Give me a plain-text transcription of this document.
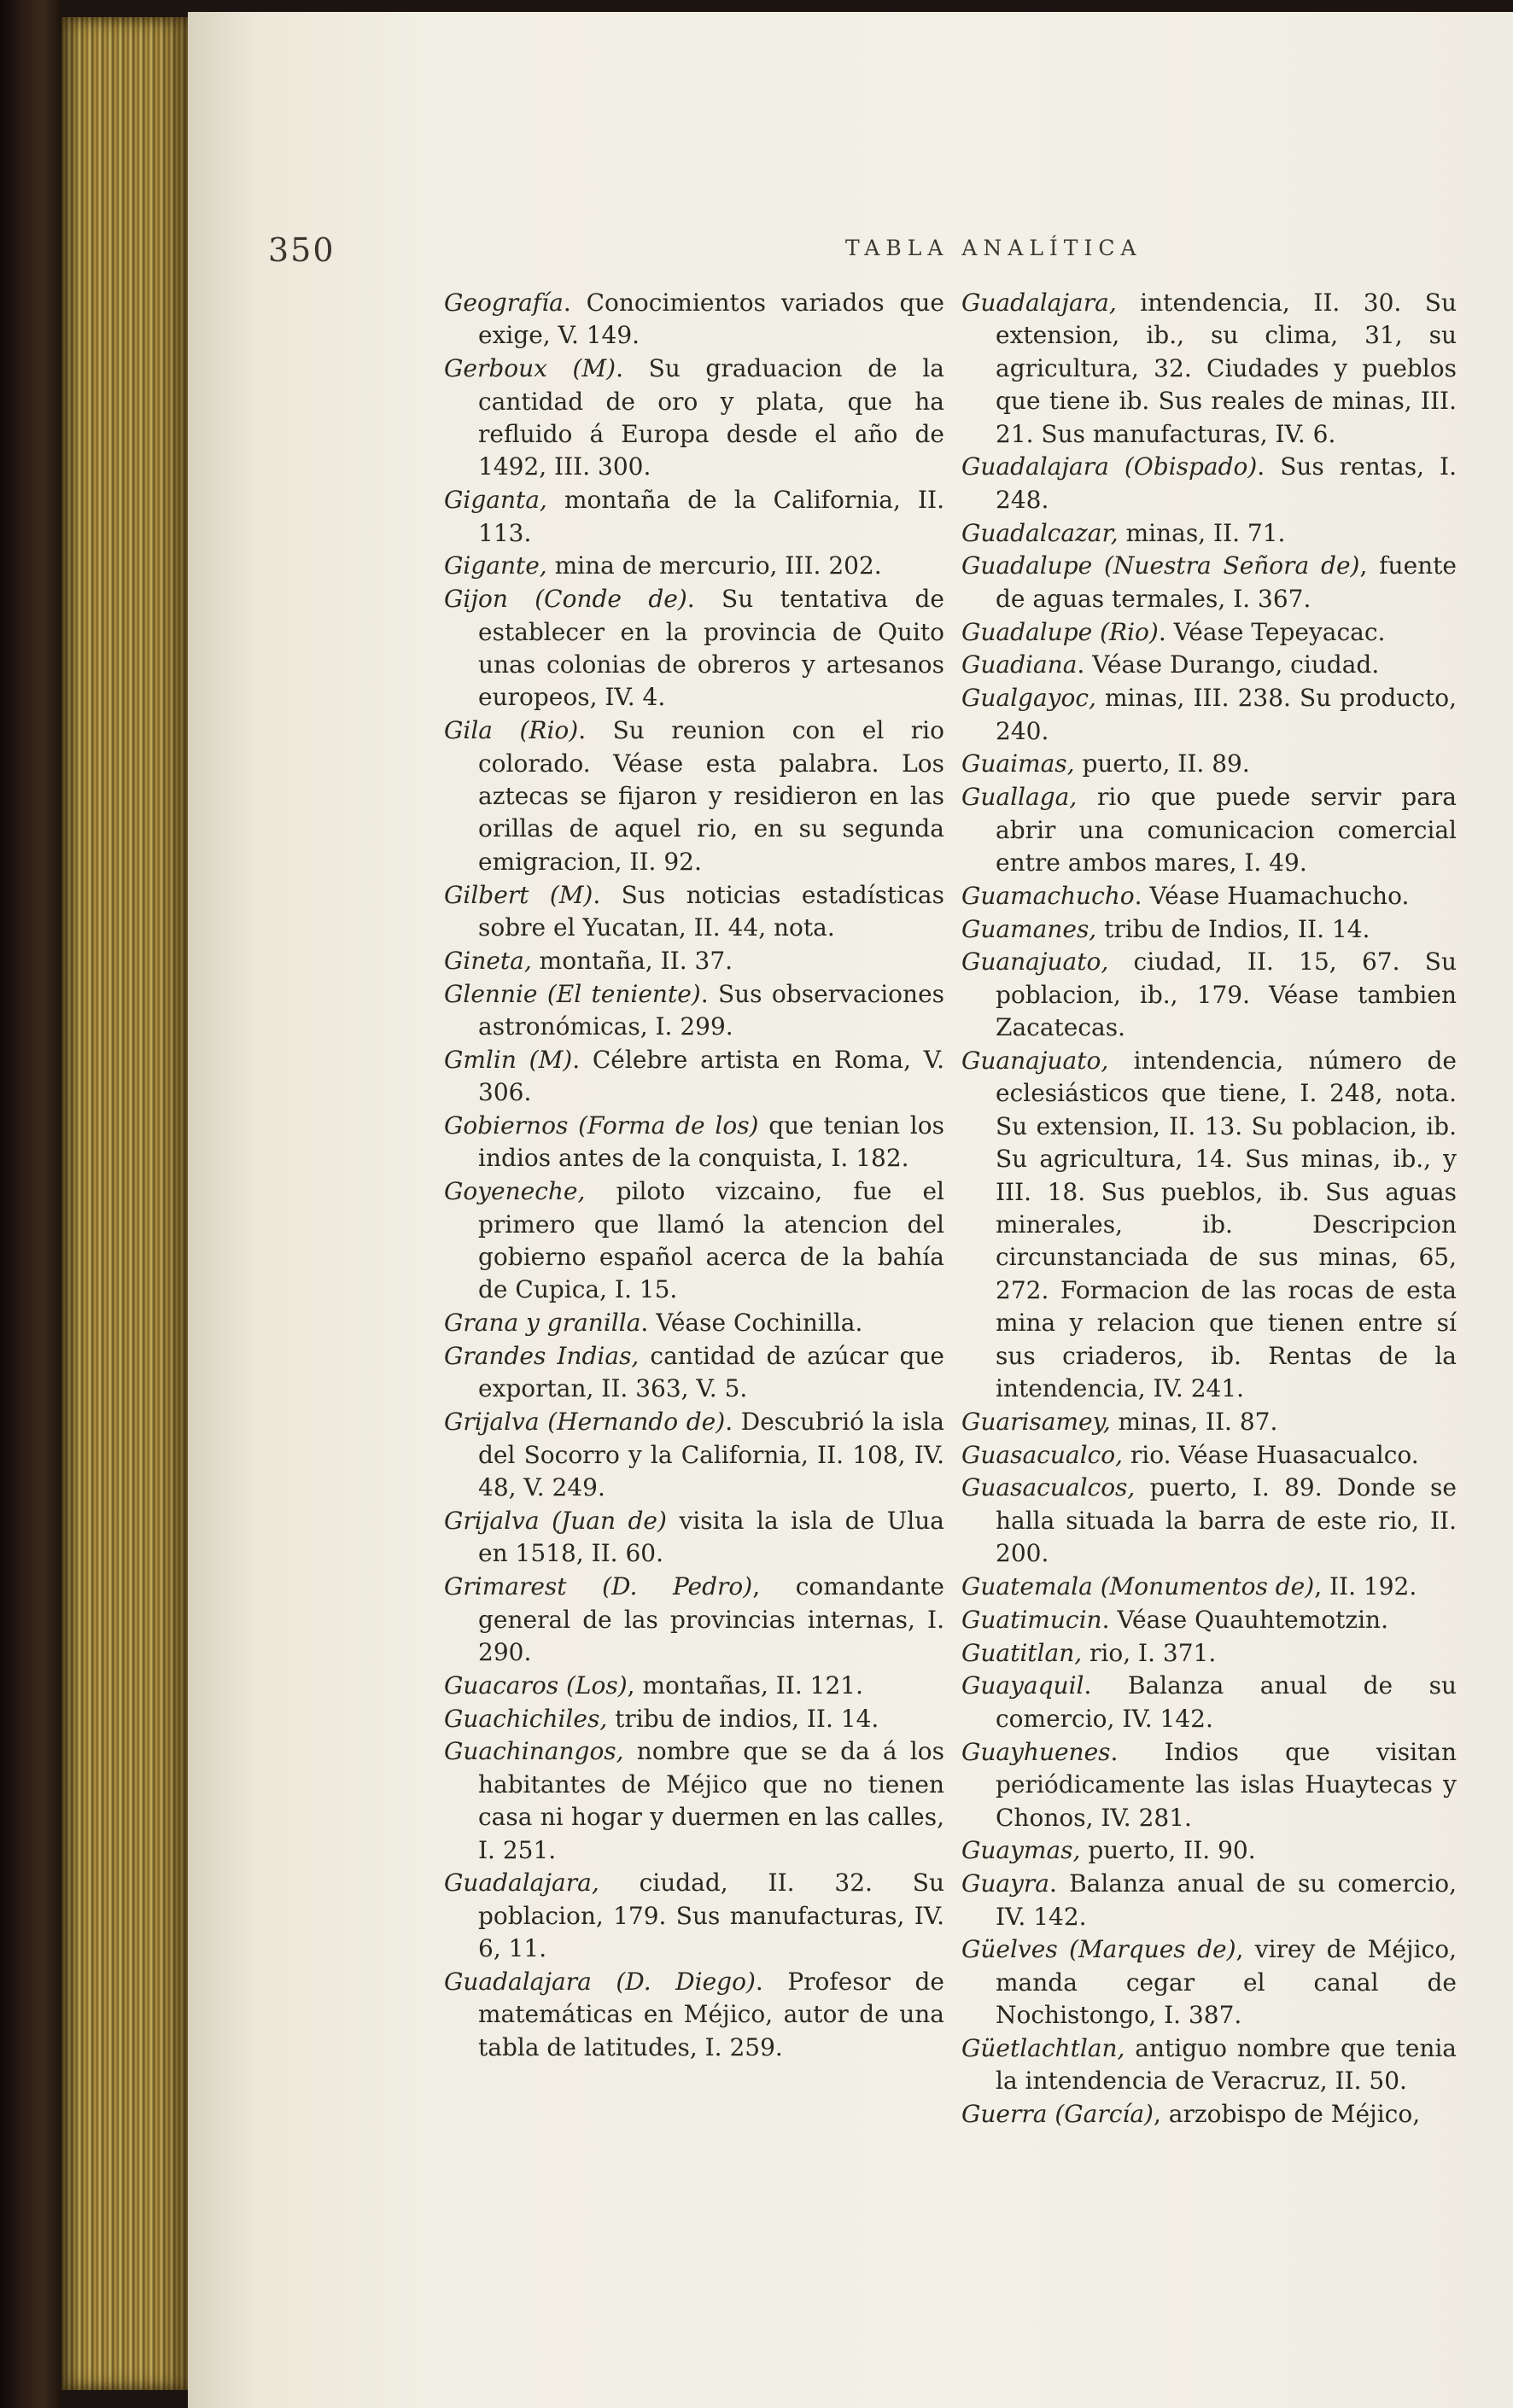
350	TABLA ANALÍTICA

Geografía. Conocimientos variados que exige, V. 149.

Gerboux (M). Su graduacion de la cantidad de oro y plata, que ha refluido á Europa desde el año de 1492, III. 300.

Giganta, montaña de la California, II. 113.

Gigante, mina de mercurio, III. 202.

Gijon (Conde de). Su tentativa de establecer en la provincia de Quito unas colonias de obreros y artesanos europeos, IV. 4.

Gila (Rio). Su reunion con el rio colorado. Véase esta palabra. Los aztecas se fijaron y residieron en las orillas de aquel rio, en su segunda emigracion, II. 92.

Gilbert (M). Sus noticias estadísticas sobre el Yucatan, II. 44, nota.

Gineta, montaña, II. 37.

Glennie (El teniente). Sus observaciones astronómicas, I. 299.

Gmlin (M). Célebre artista en Roma, V. 306.

Gobiernos (Forma de los) que tenian los indios antes de la conquista, I. 182.

Goyeneche, piloto vizcaino, fue el primero que llamó la atencion del gobierno español acerca de la bahía de Cupica, I. 15.

Grana y granilla. Véase Cochinilla.

Grandes Indias, cantidad de azúcar que exportan, II. 363, V. 5.

Grijalva (Hernando de). Descubrió la isla del Socorro y la California, II. 108, IV. 48, V. 249.

Grijalva (Juan de) visita la isla de Ulua en 1518, II. 60.

Grimarest (D. Pedro), comandante general de las provincias internas, I. 290.

Guacaros (Los), montañas, II. 121.

Guachichiles, tribu de indios, II. 14.

Guachinangos, nombre que se da á los habitantes de Méjico que no tienen casa ni hogar y duermen en las calles, I. 251.

Guadalajara, ciudad, II. 32. Su poblacion, 179. Sus manufacturas, IV. 6, 11.

Guadalajara (D. Diego). Profesor de matemáticas en Méjico, autor de una tabla de latitudes, I. 259.

Guadalajara, intendencia, II. 30. Su extension, ib., su clima, 31, su agricultura, 32. Ciudades y pueblos que tiene ib. Sus reales de minas, III. 21. Sus manufacturas, IV. 6.

Guadalajara (Obispado). Sus rentas, I. 248.

Guadalcazar, minas, II. 71.

Guadalupe (Nuestra Señora de), fuente de aguas termales, I. 367.

Guadalupe (Rio). Véase Tepeyacac.

Guadiana. Véase Durango, ciudad.

Gualgayoc, minas, III. 238. Su producto, 240.

Guaimas, puerto, II. 89.

Guallaga, rio que puede servir para abrir una comunicacion comercial entre ambos mares, I. 49.

Guamachucho. Véase Huamachucho.

Guamanes, tribu de Indios, II. 14.

Guanajuato, ciudad, II. 15, 67. Su poblacion, ib., 179. Véase tambien Zacatecas.

Guanajuato, intendencia, número de eclesiásticos que tiene, I. 248, nota. Su extension, II. 13. Su poblacion, ib. Su agricultura, 14. Sus minas, ib., y III. 18. Sus pueblos, ib. Sus aguas minerales, ib. Descripcion circunstanciada de sus minas, 65, 272. Formacion de las rocas de esta mina y relacion que tienen entre sí sus criaderos, ib. Rentas de la intendencia, IV. 241.

Guarisamey, minas, II. 87.

Guasacualco, rio. Véase Huasacualco.

Guasacualcos, puerto, I. 89. Donde se halla situada la barra de este rio, II. 200.

Guatemala (Monumentos de), II. 192.

Guatimucin. Véase Quauhtemotzin.

Guatitlan, rio, I. 371.

Guayaquil. Balanza anual de su comercio, IV. 142.

Guayhuenes. Indios que visitan periódicamente las islas Huaytecas y Chonos, IV. 281.

Guaymas, puerto, II. 90.

Guayra. Balanza anual de su comercio, IV. 142.

Güelves (Marques de), virey de Méjico, manda cegar el canal de Nochistongo, I. 387.

Güetlachtlan, antiguo nombre que tenia la intendencia de Veracruz, II. 50.

Guerra (García), arzobispo de Méjico,
